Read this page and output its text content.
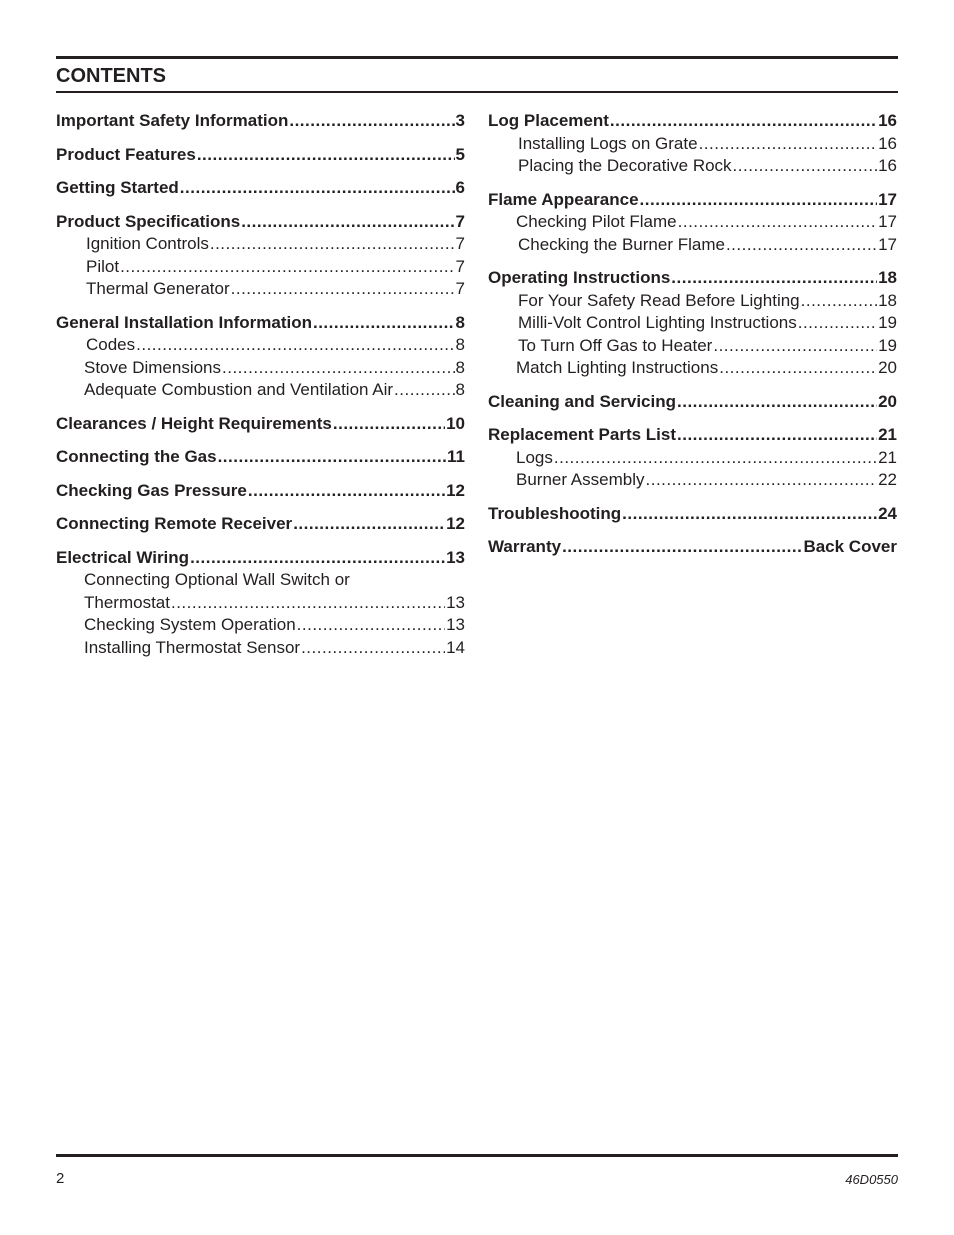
CONTENTS
Important Safety Information .....	3
Product Features .....	5
Getting Started .....	6
Product Specifications .....	7
Ignition Controls .....	7
Pilot .....	7
Thermal Generator .....	7
General Installation Information .....	8
Codes .....	8
Stove Dimensions .....	8
Adequate Combustion and Ventilation Air .....	8
Clearances / Height Requirements .....	10
Connecting the Gas .....	11
Checking Gas Pressure .....	12
Connecting Remote Receiver .....	12
Electrical Wiring .....	13
Connecting Optional Wall Switch or
Thermostat .....	13
Checking System Operation .....	13
Installing Thermostat Sensor .....	14
Log Placement .....	16
Installing Logs on Grate .....	16
Placing the Decorative Rock .....	16
Flame Appearance .....	17
Checking Pilot Flame .....	17
Checking the Burner Flame .....	17
Operating Instructions .....	18
For Your Safety Read Before Lighting .....	18
Milli-Volt Control Lighting Instructions .....	19
To Turn Off Gas to Heater .....	19
Match Lighting Instructions .....	20
Cleaning and Servicing .....	20
Replacement Parts List .....	21
Logs .....	21
Burner Assembly .....	22
Troubleshooting .....	24
Warranty .....	Back Cover
2	46D0550
